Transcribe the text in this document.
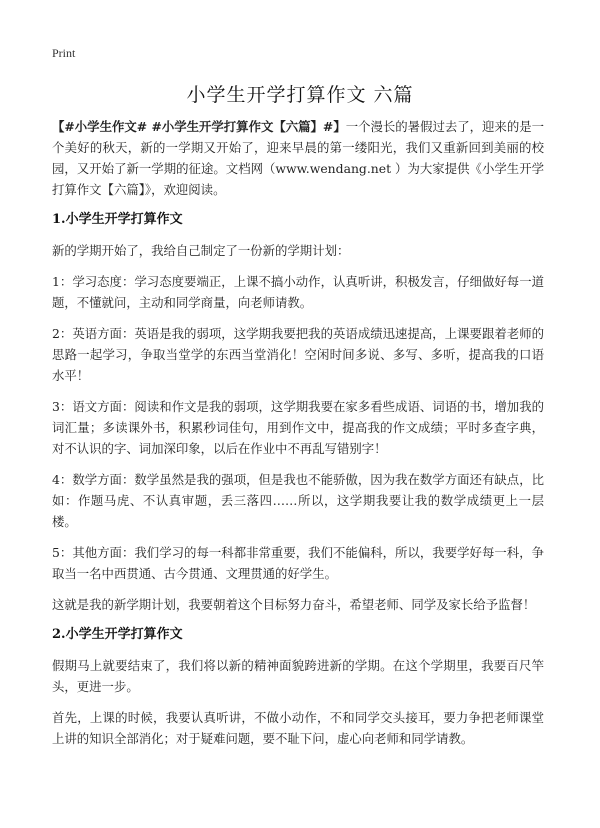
Print
小学生开学打算作文 六篇

【#小学生作文# #小学生开学打算作文【六篇】#】一个漫长的暑假过去了，迎来的是一个美好的秋天，新的一学期又开始了，迎来早晨的第一缕阳光，我们又重新回到美丽的校园，又开始了新一学期的征途。文档网（www.wendang.net ）为大家提供《小学生开学打算作文【六篇】》，欢迎阅读。

1.小学生开学打算作文

新的学期开始了，我给自己制定了一份新的学期计划：

1：学习态度：学习态度要端正，上课不搞小动作，认真听讲，积极发言，仔细做好每一道题，不懂就问，主动和同学商量，向老师请教。

2：英语方面：英语是我的弱项，这学期我要把我的英语成绩迅速提高，上课要跟着老师的思路一起学习，争取当堂学的东西当堂消化！空闲时间多说、多写、多听，提高我的口语水平！

3：语文方面：阅读和作文是我的弱项，这学期我要在家多看些成语、词语的书，增加我的词汇量；多读课外书，积累秒词佳句，用到作文中，提高我的作文成绩；平时多查字典，对不认识的字、词加深印象，以后在作业中不再乱写错别字！

4：数学方面：数学虽然是我的强项，但是我也不能骄傲，因为我在数学方面还有缺点，比如：作题马虎、不认真审题，丢三落四……所以，这学期我要让我的数学成绩更上一层楼。

5：其他方面：我们学习的每一科都非常重要，我们不能偏科，所以，我要学好每一科，争取当一名中西贯通、古今贯通、文理贯通的好学生。

这就是我的新学期计划，我要朝着这个目标努力奋斗，希望老师、同学及家长给予监督！

2.小学生开学打算作文

假期马上就要结束了，我们将以新的精神面貌跨进新的学期。在这个学期里，我要百尺竿头，更进一步。

首先，上课的时候，我要认真听讲，不做小动作，不和同学交头接耳，要力争把老师课堂上讲的知识全部消化；对于疑难问题，要不耻下问，虚心向老师和同学请教。
